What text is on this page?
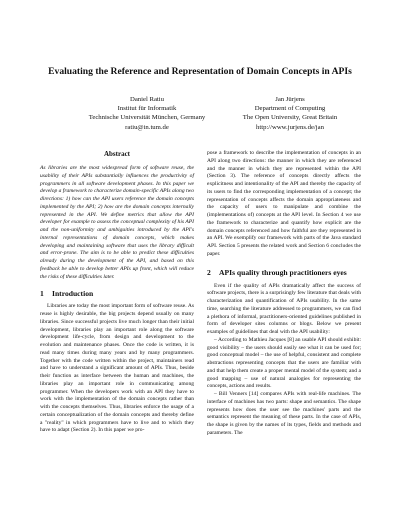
Evaluating the Reference and Representation of Domain Concepts in APIs
Daniel Ratiu
Institut für Informatik
Technische Universität München, Germany
ratiu@in.tum.de
Jan Jürjens
Department of Computing
The Open University, Great Britain
http://www.jurjens.de/jan
Abstract

As libraries are the most widespread form of software reuse, the usability of their APIs substantially influences the productivity of programmers in all software development phases. In this paper we develop a framework to characterize domain-specific APIs along two directions: 1) how can the API users reference the domain concepts implemented by the API; 2) how are the domain concepts internally represented in the API. We define metrics that allow the API developer for example to assess the conceptual complexity of his API and the non-uniformity and ambiguities introduced by the API's internal representations of domain concepts, which makes developing and maintaining software that uses the library difficult and error-prone. The aim is to be able to predict these difficulties already during the development of the API, and based on this feedback be able to develop better APIs up front, which will reduce the risks of these difficulties later.

1 Introduction

Libraries are today the most important form of software reuse. As reuse is highly desirable, the big projects depend usually on many libraries. Since successful projects live much longer than their initial development, libraries play an important role along the software development life-cycle, from design and development to the evolution and maintenance phases. Once the code is written, it is read many times during many years and by many programmers. Together with the code written within the project, maintainers read and have to understand a significant amount of APIs. Thus, beside their function as interface between the human and machines, the libraries play an important role in communicating among programmer. When the developers work with an API they have to work with the implementation of the domain concepts rather than with the concepts themselves. Thus, libraries enforce the usage of a certain conceptualization of the domain concepts and thereby define a "reality" in which programmers have to live and to which they have to adapt (Section 2). In this paper we pro-

pose a framework to describe the implementation of concepts in an API along two directions: the manner in which they are referenced and the manner in which they are represented within the API (Section 3). The reference of concepts directly affects the explicitness and intentionality of the API and thereby the capacity of its users to find the corresponding implementation of a concept; the representation of concepts affects the domain appropriateness and the capacity of users to manipulate and combine the (implementations of) concepts at the API level. In Section 4 we use the framework to characterize and quantify how explicit are the domain concepts referenced and how faithful are they represented in an API. We exemplify our framework with parts of the Java standard API. Section 5 presents the related work and Section 6 concludes the paper.

2 APIs quality through practitioners eyes

Even if the quality of APIs dramatically affect the success of software projects, there is a surprisingly few literature that deals with characterization and quantification of APIs usability. In the same time, searching the literature addressed to programmers, we can find a plethora of informal, practitioners-oriented guidelines published in form of developer sites columns or blogs. Below we present examples of guidelines that deal with the API usability:

– According to Mathieu Jacques [8] an usable API should exhibit: good visibility – the users should easily see what it can be used for; good conceptual model – the use of helpful, consistent and complete abstractions representing concepts that the users are familiar with and that help them create a proper mental model of the system; and a good mapping – use of natural analogies for representing the concepts, actions and results.

– Bill Venners [14] compares APIs with real-life machines. The interface of machines has two parts: shape and semantics. The shape represents how does the user see the machines' parts and the semantics represent the meaning of these parts. In the case of APIs, the shape is given by the names of its types, fields and methods and parameters. The
